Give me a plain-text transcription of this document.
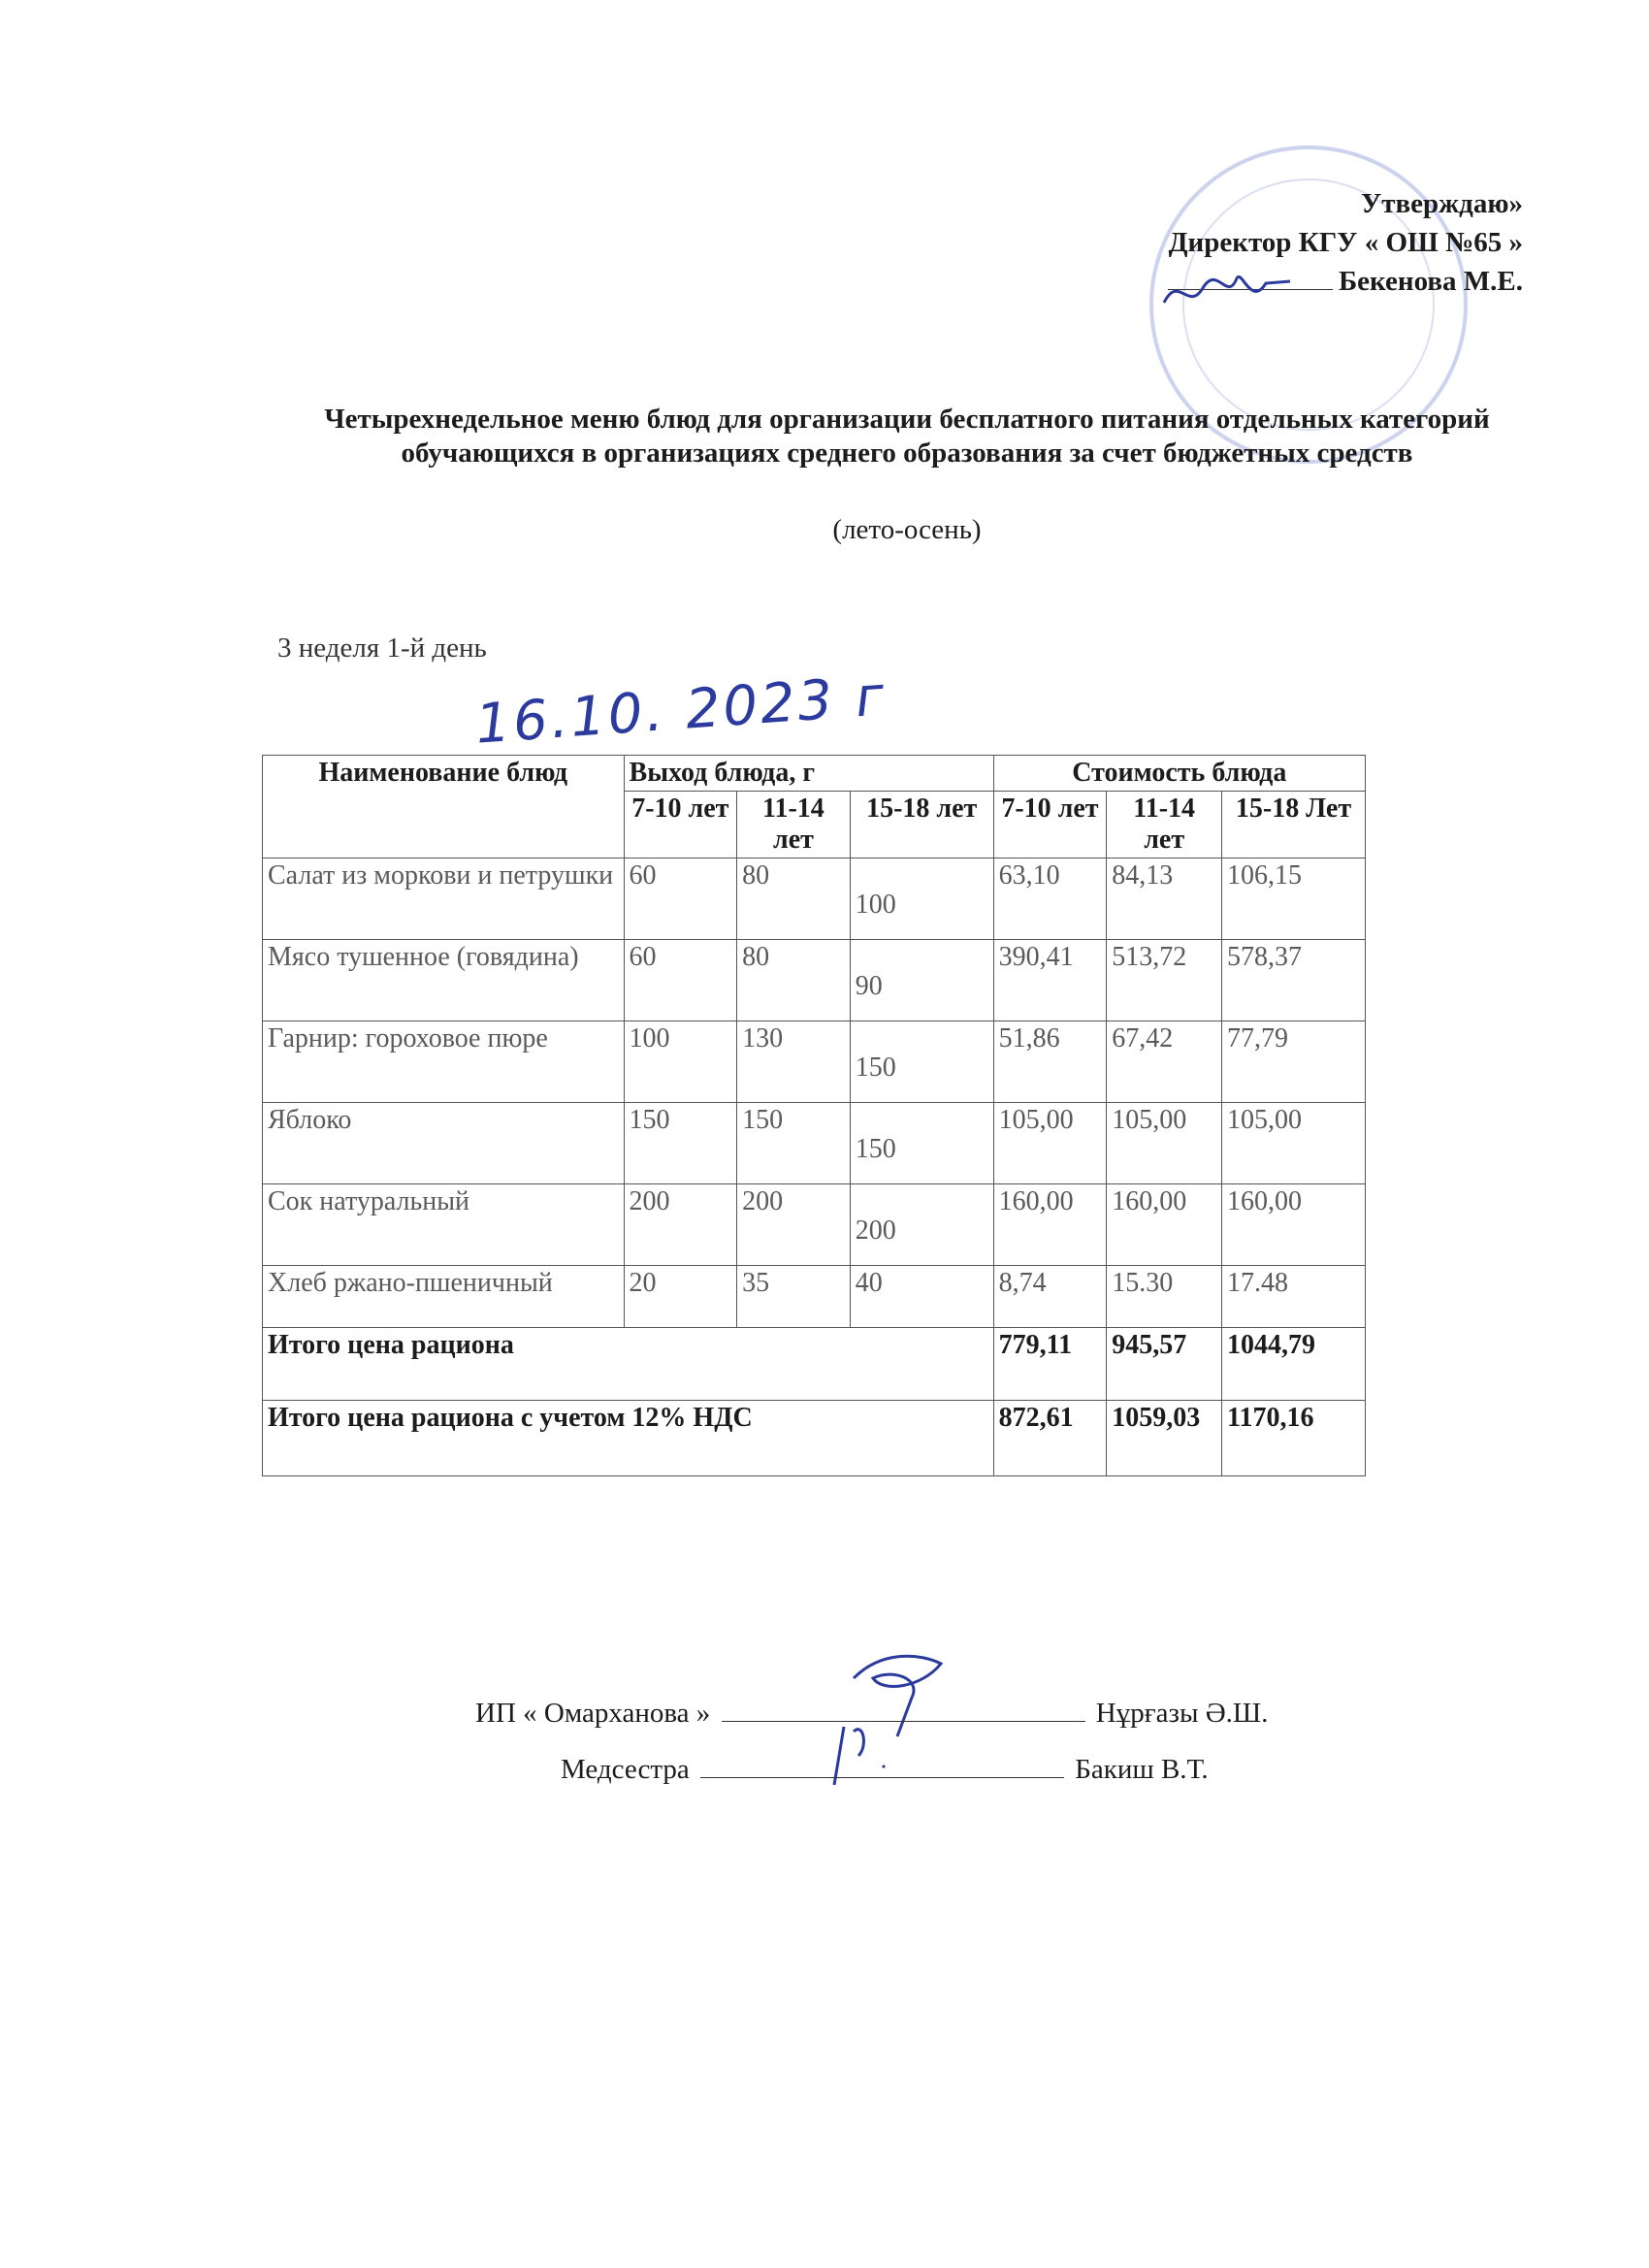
Утверждаю»
Директор КГУ « ОШ №65 »
Бекенова М.Е.
Четырехнедельное меню блюд для организации бесплатного питания отдельных категорий обучающихся в организациях среднего образования за счет бюджетных средств
(лето-осень)
3 неделя 1-й день
16.10. 2023 г
Наименование блюд	Выход блюда, г			Стоимость блюда		
	7-10 лет	11-14 лет	15-18 лет	7-10 лет	11-14 лет	15-18 Лет
Салат из моркови и петрушки	60	80	100	63,10	84,13	106,15
Мясо тушенное (говядина)	60	80	90	390,41	513,72	578,37
Гарнир: гороховое пюре	100	130	150	51,86	67,42	77,79
Яблоко	150	150	150	105,00	105,00	105,00
Сок натуральный	200	200	200	160,00	160,00	160,00
Хлеб ржано-пшеничный	20	35	40	8,74	15.30	17.48
Итого цена рациона				779,11	945,57	1044,79
Итого цена рациона с учетом 12% НДС				872,61	1059,03	1170,16
ИП « Омарханова »	Нұрғазы Ә.Ш.
Медсестра	Бакиш В.Т.
